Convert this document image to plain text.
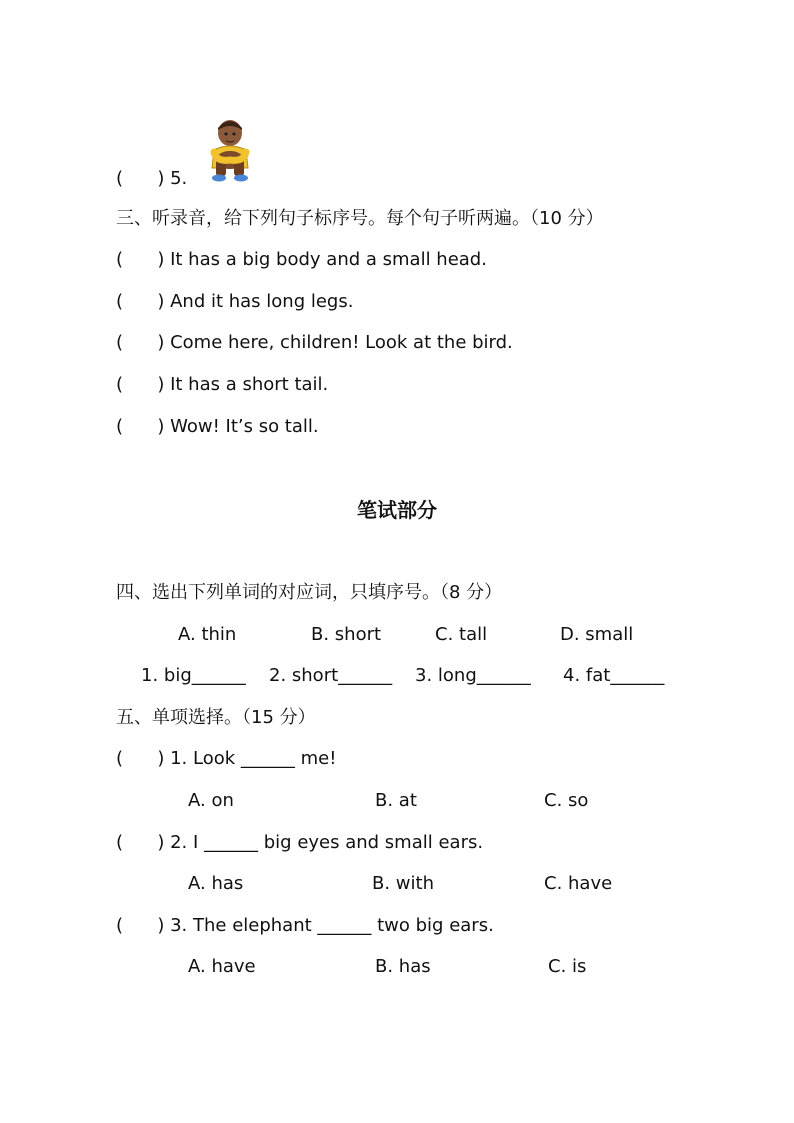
(      ) 5.
三、听录音，给下列句子标序号。每个句子听两遍。（10 分）
(      ) It has a big body and a small head.
(      ) And it has long legs.
(      ) Come here, children! Look at the bird.
(      ) It has a short tail.
(      ) Wow! It’s so tall.
笔试部分
四、选出下列单词的对应词，只填序号。（8 分）
A. thin	B. short	C. tall	D. small
1. big______ 2. short______ 3. long______ 4. fat______
五、单项选择。（15 分）
(      ) 1. Look ______ me!
A. on	B. at	C. so
(      ) 2. I ______ big eyes and small ears.
A. has	B. with	C. have
(      ) 3. The elephant ______ two big ears.
A. have	B. has	C. is
